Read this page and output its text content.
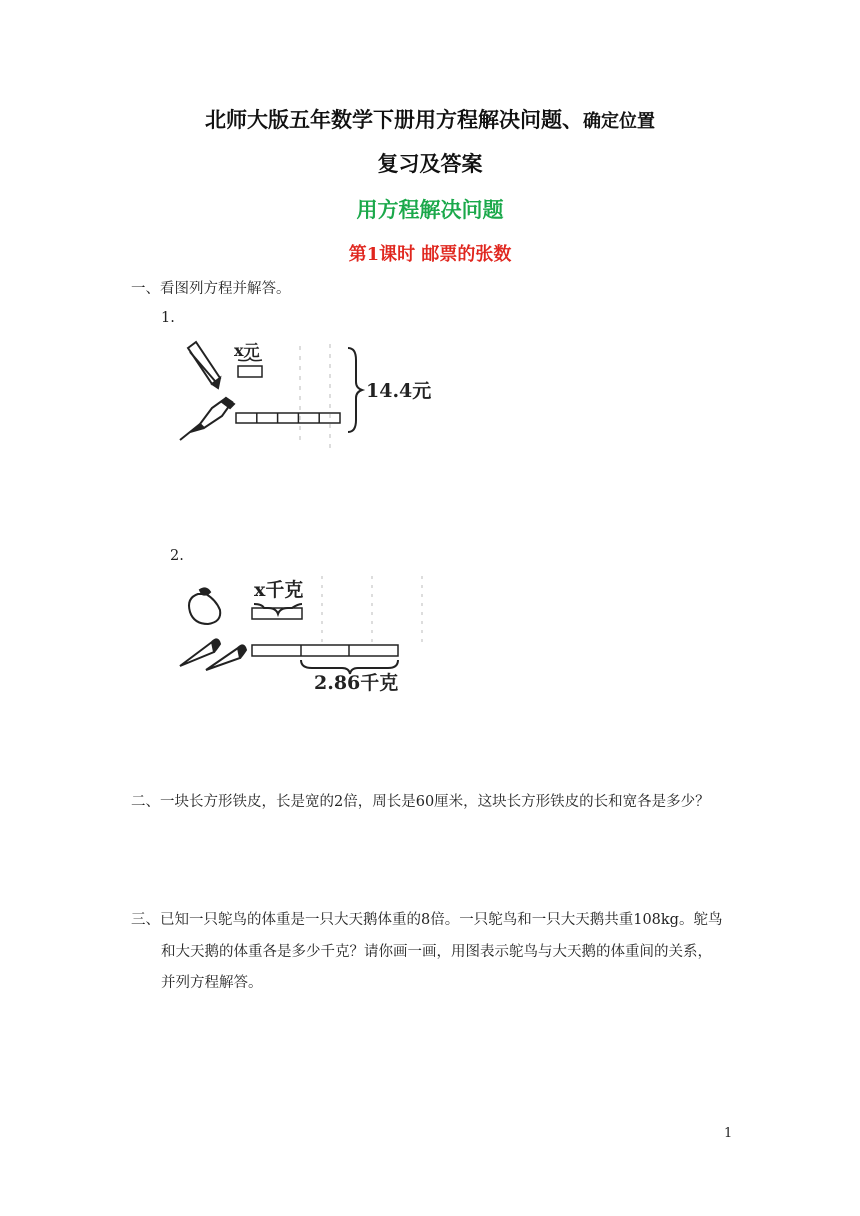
北师大版五年数学下册用方程解决问题、确定位置
复习及答案
用方程解决问题
第1课时 邮票的张数
一、看图列方程并解答。
1.
x元
14.4元
2.
x千克
2.86千克
二、一块长方形铁皮，长是宽的2倍，周长是60厘米，这块长方形铁皮的长和宽各是多少？
三、已知一只鸵鸟的体重是一只大天鹅体重的8倍。一只鸵鸟和一只大天鹅共重108kg。鸵鸟
和大天鹅的体重各是多少千克？请你画一画，用图表示鸵鸟与大天鹅的体重间的关系，
并列方程解答。
1
